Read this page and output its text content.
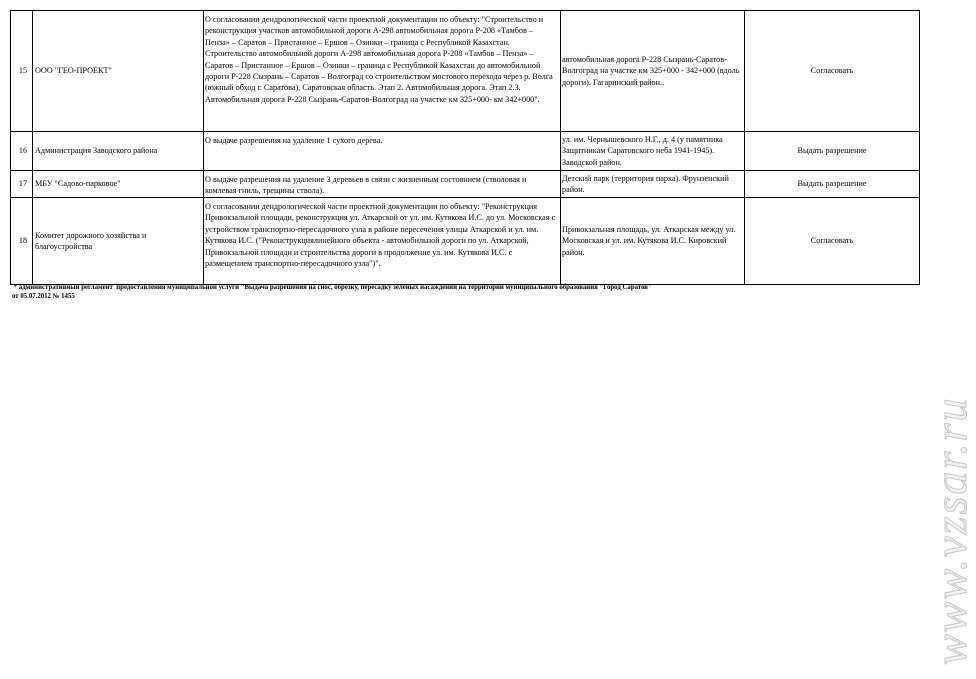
15	ООО "ГЕО-ПРОЕКТ"	О согласовании дендрологической части проектной документации по объекту: "Строительство и реконструкция участков автомобильной дороги А-298 автомобильная дорога Р-208 «Тамбов – Пенза» – Саратов – Пристанное – Ершов – Озинки – граница с Республикой Казахстан. Строительство автомобильной дороги А-298 автомобильная дорога Р-208 «Тамбов – Пенза» – Саратов – Пристанное – Ершов – Озинки – граница с Республикой Казахстан до автомобильной дороги Р-228 Сызрань – Саратов – Волгоград со строительством мостового перехода через р. Волга (южный обход г. Саратова), Саратовская область. Этап 2. Автомобильная дорога. Этап 2.3. Автомобильная дорога Р-228 Сызрань-Саратов-Волгоград на участке км 325+000- км 342+000".	автомобильная дорога Р-228 Сызрань-Саратов-Волгоград на участке км 325+000 - 342+000 (вдоль дороги). Гагаринский район..	Согласовать
16	Администрация Заводского района	О выдаче разрешения на удаление 1 сухого дерева.	ул. им. Чернышевского Н.Г., д. 4 (у памятника Защитникам Саратовского неба 1941-1945). Заводской район.	Выдать разрешение
17	МБУ "Садово-парковое"	О выдаче разрешения на удаление 3 деревьев в связи с жизненным состоянием (стволовая и комлевая гниль, трещины ствола).	Детский парк (территория парка). Фрунзенский район.	Выдать разрешение
18	Комитет дорожного хозяйства и благоустройства	О согласовании дендрологической части проектной документации по объекту: "Реконструкция Привокзальной площади, реконструкция ул. Аткарской от ул. им. Кутякова И.С. до ул. Московская с устройством транспортно-пересадочного узла в районе пересечения улицы Аткарской и ул. им. Кутякова И.С. ("Реконструкциялинейного объекта - автомобильной дороги по ул. Аткарской, Привокзальной площади и строительства дороги в продолжение ул. им. Кутякова И.С. с размещением транспортно-пересадочного узла")".	Привокзальная площадь, ул. Аткарская между ул. Московская и ул. им. Кутякова И.С. Кировский район.	Согласовать
* административный регламент  предоставления муниципальной услуги "Выдача разрешения на снос, обрезку, пересадку зеленых насаждений на территории муниципального образования "Город Саратов"
от 05.07.2012 № 1455
www.vzsar.ru
